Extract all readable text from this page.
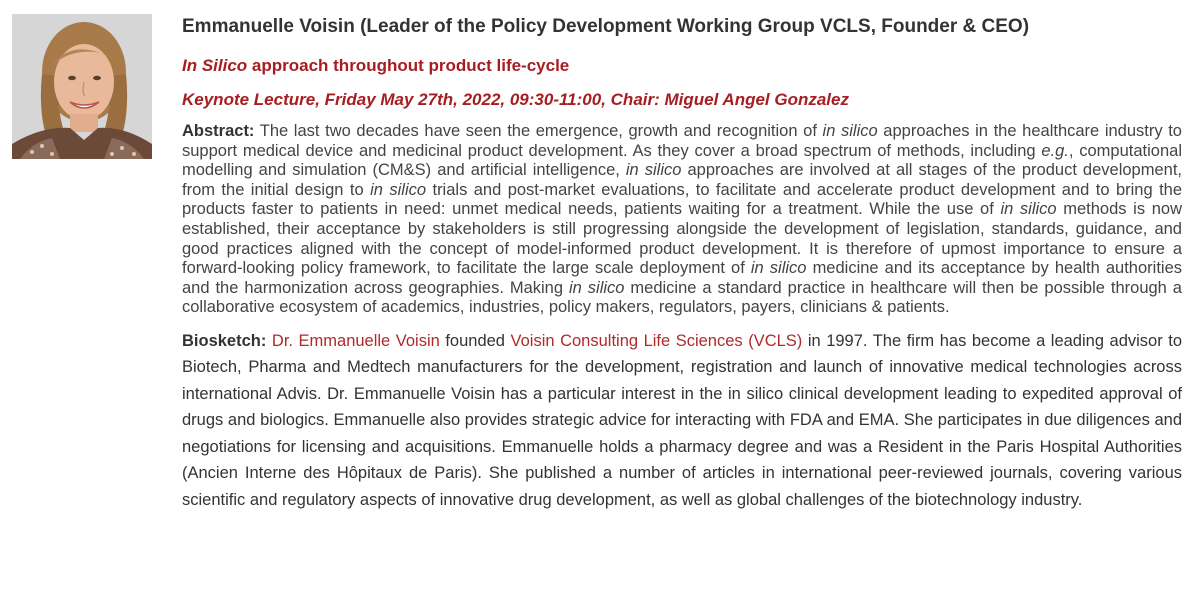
Emmanuelle Voisin (Leader of the Policy Development Working Group VCLS, Founder & CEO)

In Silico approach throughout product life-cycle

Keynote Lecture, Friday May 27th, 2022, 09:30-11:00, Chair: Miguel Angel Gonzalez

Abstract: The last two decades have seen the emergence, growth and recognition of in silico approaches in the healthcare industry to support medical device and medicinal product development. As they cover a broad spectrum of methods, including e.g., computational modelling and simulation (CM&S) and artificial intelligence, in silico approaches are involved at all stages of the product development, from the initial design to in silico trials and post-market evaluations, to facilitate and accelerate product development and to bring the products faster to patients in need: unmet medical needs, patients waiting for a treatment. While the use of in silico methods is now established, their acceptance by stakeholders is still progressing alongside the development of legislation, standards, guidance, and good practices aligned with the concept of model-informed product development. It is therefore of upmost importance to ensure a forward-looking policy framework, to facilitate the large scale deployment of in silico medicine and its acceptance by health authorities and the harmonization across geographies. Making in silico medicine a standard practice in healthcare will then be possible through a collaborative ecosystem of academics, industries, policy makers, regulators, payers, clinicians & patients.

Biosketch: Dr. Emmanuelle Voisin founded Voisin Consulting Life Sciences (VCLS) in 1997. The firm has become a leading advisor to Biotech, Pharma and Medtech manufacturers for the development, registration and launch of innovative medical technologies across international Advis. Dr. Emmanuelle Voisin has a particular interest in the in silico clinical development leading to expedited approval of drugs and biologics. Emmanuelle also provides strategic advice for interacting with FDA and EMA. She participates in due diligences and negotiations for licensing and acquisitions. Emmanuelle holds a pharmacy degree and was a Resident in the Paris Hospital Authorities (Ancien Interne des Hôpitaux de Paris). She published a number of articles in international peer-reviewed journals, covering various scientific and regulatory aspects of innovative drug development, as well as global challenges of the biotechnology industry.
